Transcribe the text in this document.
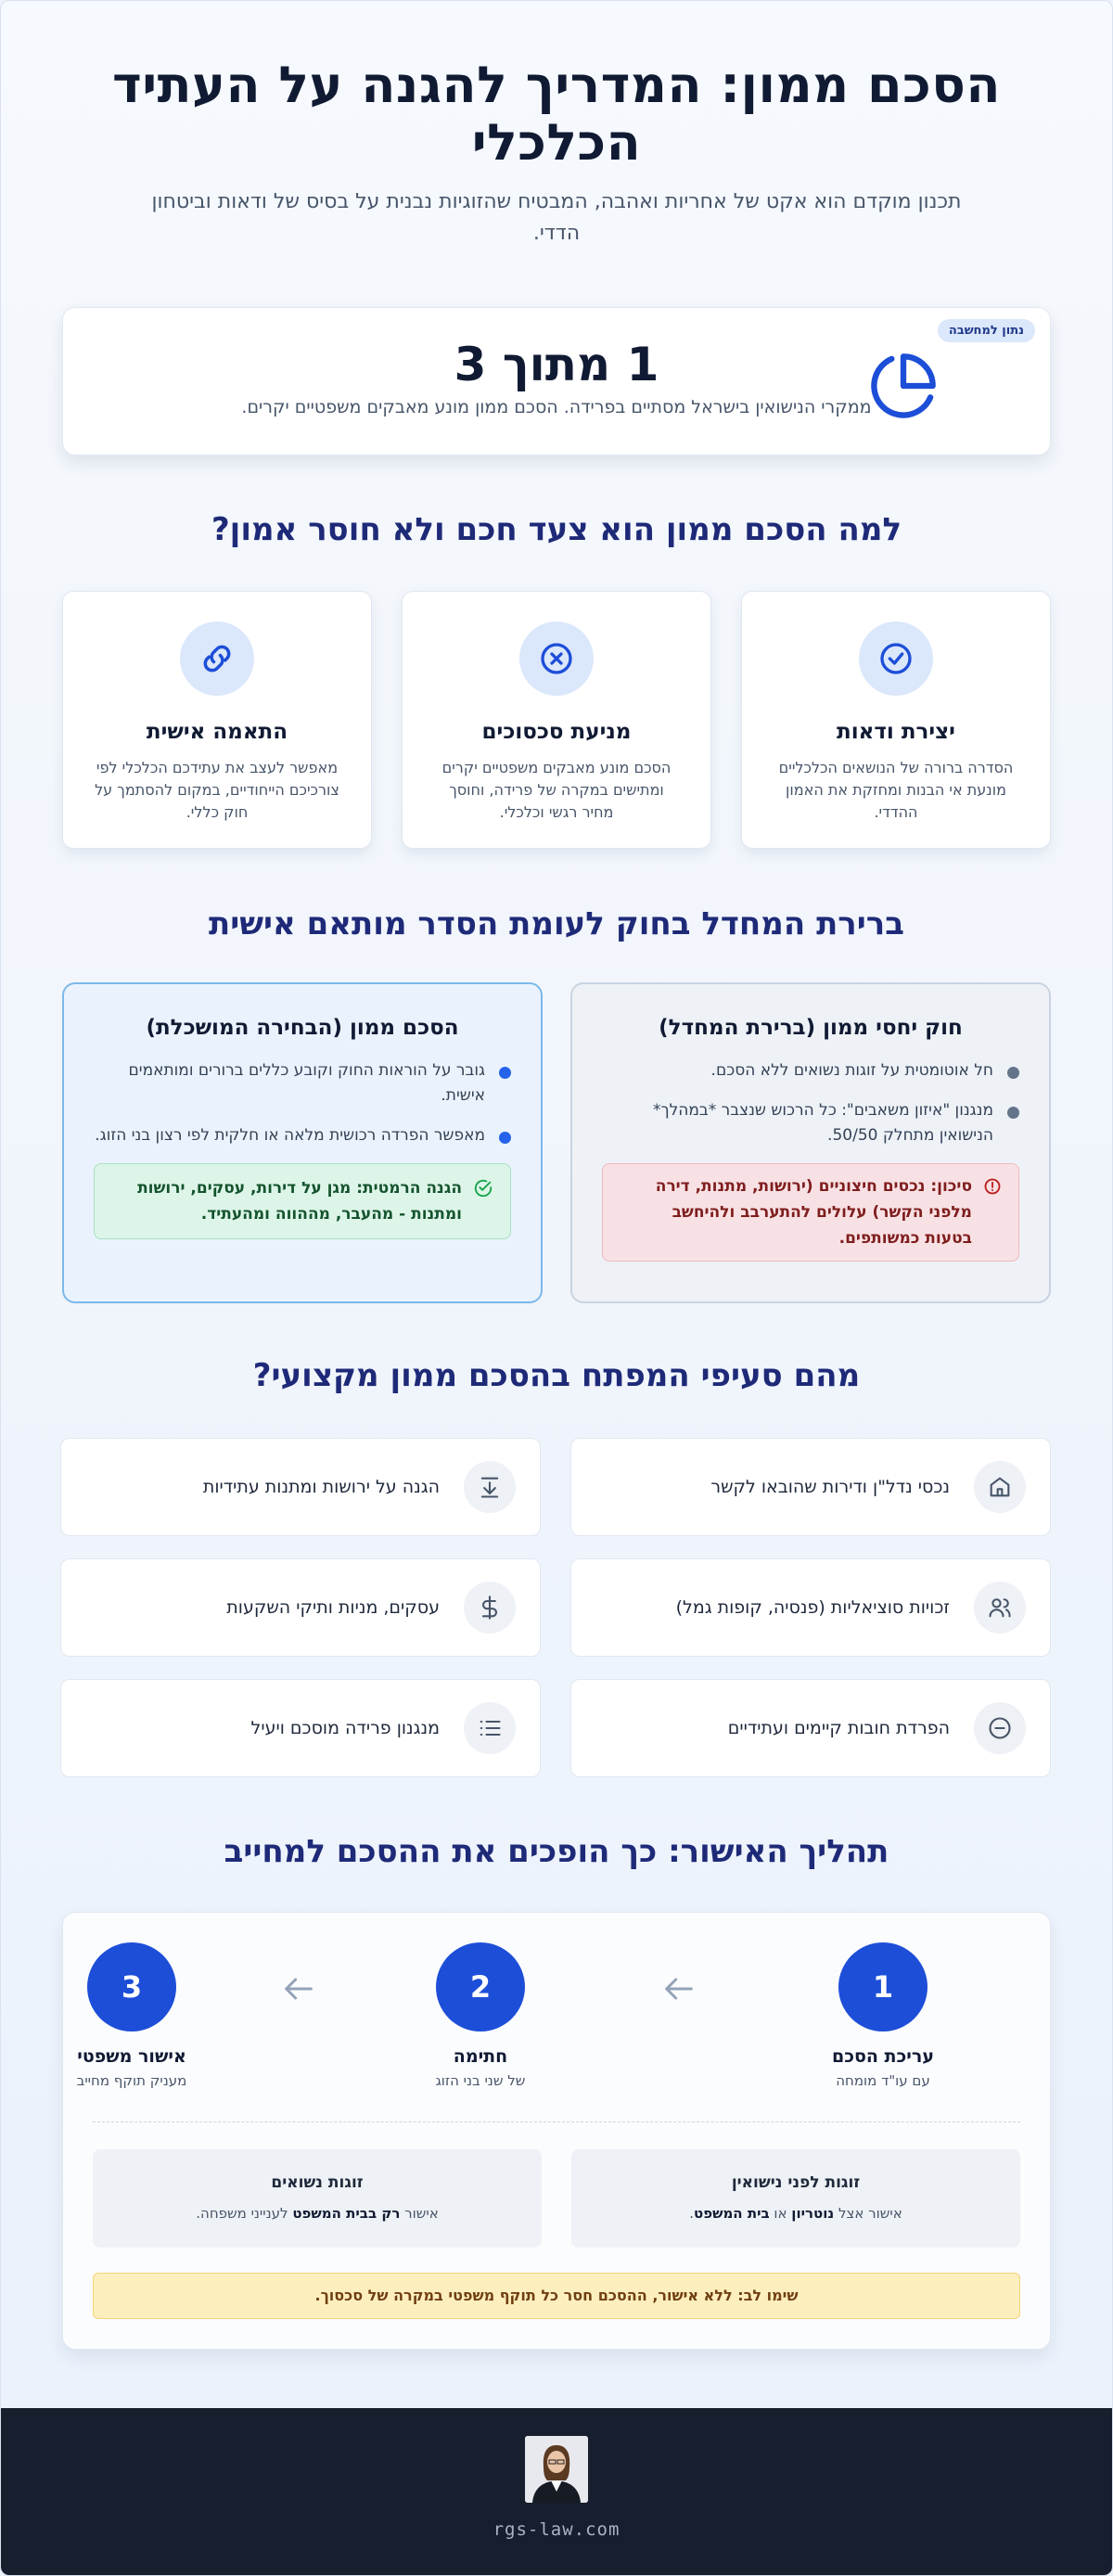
הסכם ממון: המדריך להגנה על העתיד הכלכלי

תכנון מוקדם הוא אקט של אחריות ואהבה, המבטיח שהזוגיות נבנית על בסיס של ודאות וביטחון הדדי.

נתון למחשבה
1 מתוך 3
ממקרי הנישואין בישראל מסתיים בפרידה. הסכם ממון מונע מאבקים משפטיים יקרים.
למה הסכם ממון הוא צעד חכם ולא חוסר אמון?
יצירת ודאות

הסדרה ברורה של הנושאים הכלכליים מונעת אי הבנות ומחזקת את האמון ההדדי.

מניעת סכסוכים

הסכם מונע מאבקים משפטיים יקרים ומתישים במקרה של פרידה, וחוסך מחיר רגשי וכלכלי.

התאמה אישית

מאפשר לעצב את עתידכם הכלכלי לפי צורכיכם הייחודיים, במקום להסתמך על חוק כללי.

ברירת המחדל בחוק לעומת הסדר מותאם אישית
חוק יחסי ממון (ברירת המחדל)
חל אוטומטית על זוגות נשואים ללא הסכם.
מנגנון "איזון משאבים": כל הרכוש שנצבר *במהלך* הנישואין מתחלק 50/50.
סיכון: נכסים חיצוניים (ירושות, מתנות, דירה מלפני הקשר) עלולים להתערבב ולהיחשב בטעות כמשותפים.
הסכם ממון (הבחירה המושכלת)
גובר על הוראות החוק וקובע כללים ברורים ומותאמים אישית.
מאפשר הפרדה רכושית מלאה או חלקית לפי רצון בני הזוג.
הגנה הרמטית: מגן על דירות, עסקים, ירושות ומתנות - מהעבר, מההווה ומהעתיד.
מהם סעיפי המפתח בהסכם ממון מקצועי?
נכסי נדל"ן ודירות שהובאו לקשר
הגנה על ירושות ומתנות עתידיות
זכויות סוציאליות (פנסיה, קופות גמל)
עסקים, מניות ותיקי השקעות
הפרדת חובות קיימים ועתידיים
מנגנון פרידה מוסכם ויעיל
תהליך האישור: כך הופכים את ההסכם למחייב
1
עריכת הסכם

עם עו"ד מומחה

2
חתימה

של שני בני הזוג

3
אישור משפטי

מעניק תוקף מחייב

זוגות לפני נישואין

אישור אצל נוטריון או בית המשפט.

זוגות נשואים

אישור רק בבית המשפט לענייני משפחה.

שימו לב: ללא אישור, ההסכם חסר כל תוקף משפטי במקרה של סכסוך.
rgs-law.com
